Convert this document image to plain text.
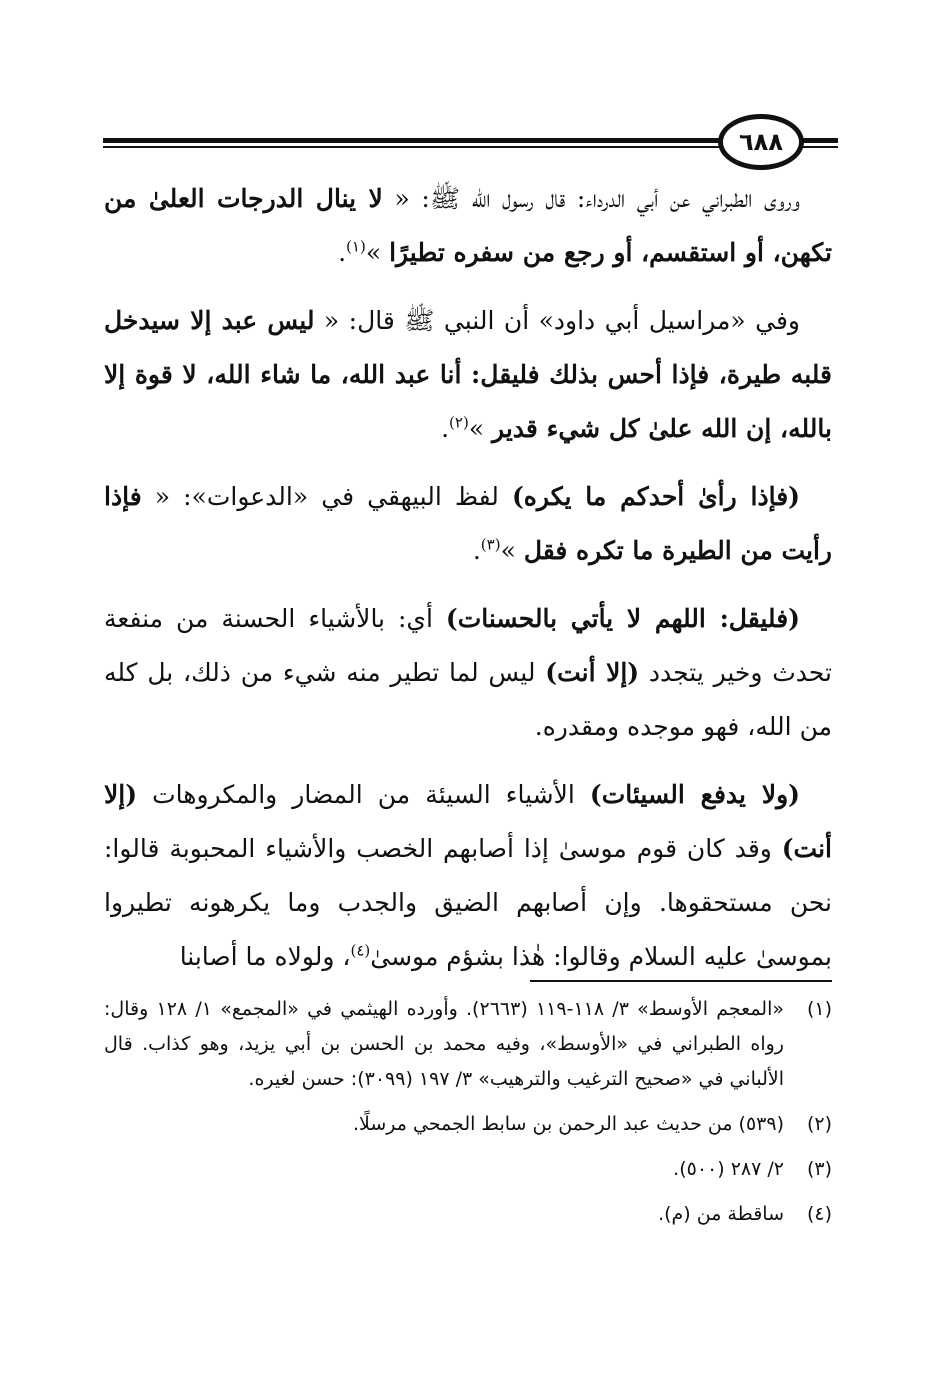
٦٨٨

وروى الطبراني عن أبي الدرداء: قال رسول الله ﷺ: « لا ينال الدرجات العلىٰ من تكهن، أو استقسم، أو رجع من سفره تطيرًا »$^{(١)}$.

وفي «مراسيل أبي داود» أن النبي ﷺ قال: « ليس عبد إلا سيدخل قلبه طيرة، فإذا أحس بذلك فليقل: أنا عبد الله، ما شاء الله، لا قوة إلا بالله، إن الله علىٰ كل شيء قدير »$^{(٢)}$.

(فإذا رأىٰ أحدكم ما يكره) لفظ البيهقي في «الدعوات»: « فإذا رأيت من الطيرة ما تكره فقل »$^{(٣)}$.

(فليقل: اللهم لا يأتي بالحسنات) أي: بالأشياء الحسنة من منفعة تحدث وخير يتجدد (إلا أنت) ليس لما تطير منه شيء من ذلك، بل كله من الله، فهو موجده ومقدره.

(ولا يدفع السيئات) الأشياء السيئة من المضار والمكروهات (إلا أنت) وقد كان قوم موسىٰ إذا أصابهم الخصب والأشياء المحبوبة قالوا: نحن مستحقوها. وإن أصابهم الضيق والجدب وما يكرهونه تطيروا بموسىٰ عليه السلام وقالوا: هٰذا بشؤم موسىٰ$^{(٤)}$، ولولاه ما أصابنا

(١)
«المعجم الأوسط» ٣/ ١١٨-١١٩ (٢٦٦٣). وأورده الهيثمي في «المجمع» ١/ ١٢٨ وقال: رواه الطبراني في «الأوسط»، وفيه محمد بن الحسن بن أبي يزيد، وهو كذاب. قال الألباني في «صحيح الترغيب والترهيب» ٣/ ١٩٧ (٣٠٩٩): حسن لغيره.
(٢)
(٥٣٩) من حديث عبد الرحمن بن سابط الجمحي مرسلًا.
(٣)
٢/ ٢٨٧ (٥٠٠).
(٤)
ساقطة من (م).
